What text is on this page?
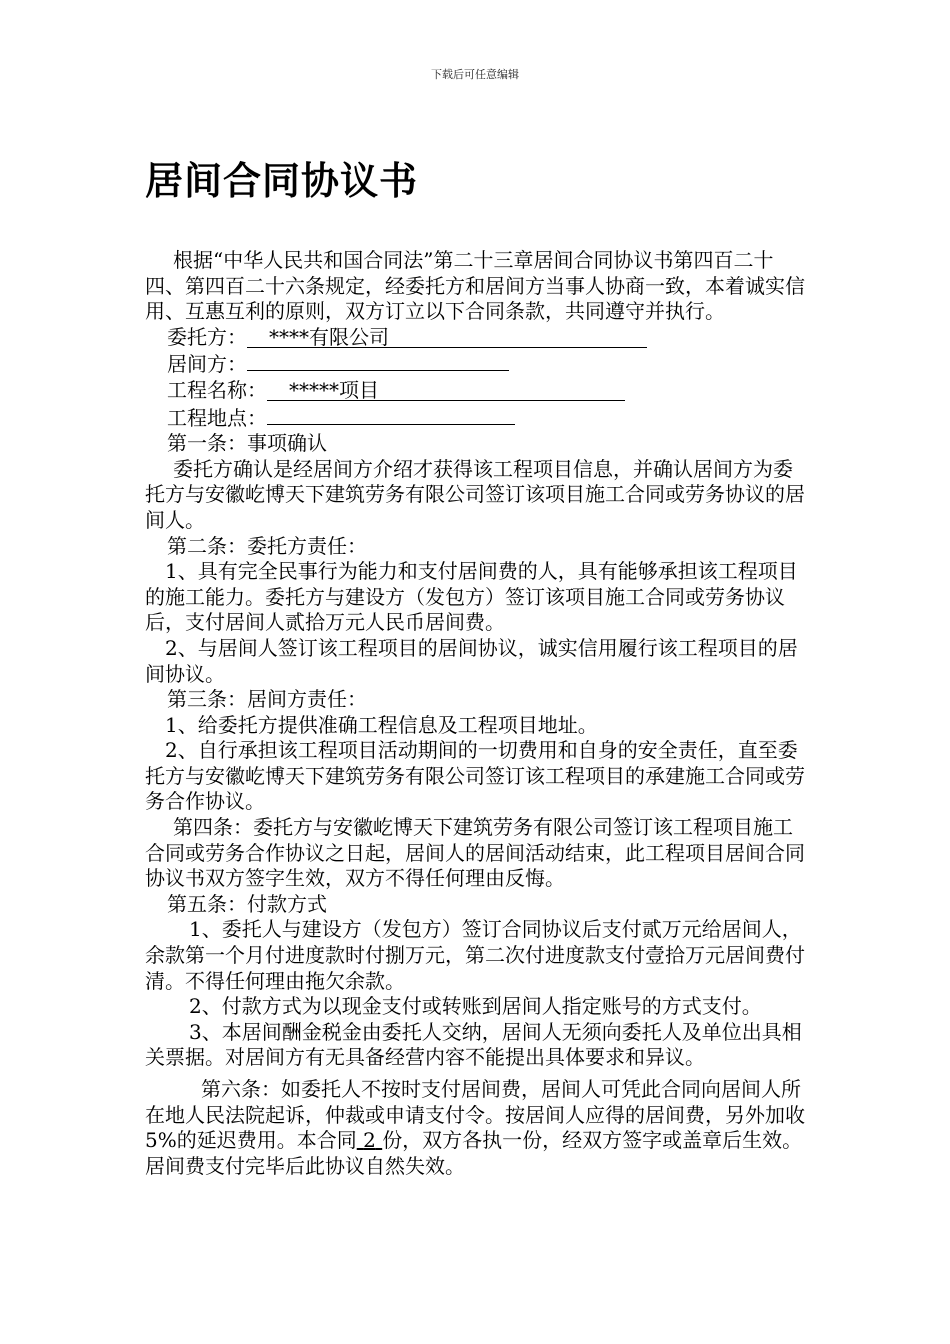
下载后可任意编辑
居间合同协议书

根据“中华人民共和国合同法”第二十三章居间合同协议书第四百二十四、第四百二十六条规定，经委托方和居间方当事人协商一致，本着诚实信用、互惠互利的原则，双方订立以下合同条款，共同遵守并执行。

委托方： ****有限公司

居间方：

工程名称： *****项目

工程地点：

第一条：事项确认

委托方确认是经居间方介绍才获得该工程项目信息，并确认居间方为委托方与安徽屹博天下建筑劳务有限公司签订该项目施工合同或劳务协议的居间人。

第二条：委托方责任：

1、具有完全民事行为能力和支付居间费的人，具有能够承担该工程项目的施工能力。委托方与建设方（发包方）签订该项目施工合同或劳务协议后，支付居间人贰拾万元人民币居间费。

2、与居间人签订该工程项目的居间协议，诚实信用履行该工程项目的居间协议。

第三条：居间方责任：

1、给委托方提供准确工程信息及工程项目地址。

2、自行承担该工程项目活动期间的一切费用和自身的安全责任，直至委托方与安徽屹博天下建筑劳务有限公司签订该工程项目的承建施工合同或劳务合作协议。

第四条：委托方与安徽屹博天下建筑劳务有限公司签订该工程项目施工合同或劳务合作协议之日起，居间人的居间活动结束，此工程项目居间合同协议书双方签字生效，双方不得任何理由反悔。

第五条：付款方式

1、委托人与建设方（发包方）签订合同协议后支付贰万元给居间人，余款第一个月付进度款时付捌万元，第二次付进度款支付壹拾万元居间费付清。不得任何理由拖欠余款。

2、付款方式为以现金支付或转账到居间人指定账号的方式支付。

3、本居间酬金税金由委托人交纳，居间人无须向委托人及单位出具相关票据。对居间方有无具备经营内容不能提出具体要求和异议。

第六条：如委托人不按时支付居间费，居间人可凭此合同向居间人所在地人民法院起诉，仲裁或申请支付令。按居间人应得的居间费，另外加收5%的延迟费用。本合同 2 份，双方各执一份，经双方签字或盖章后生效。居间费支付完毕后此协议自然失效。
